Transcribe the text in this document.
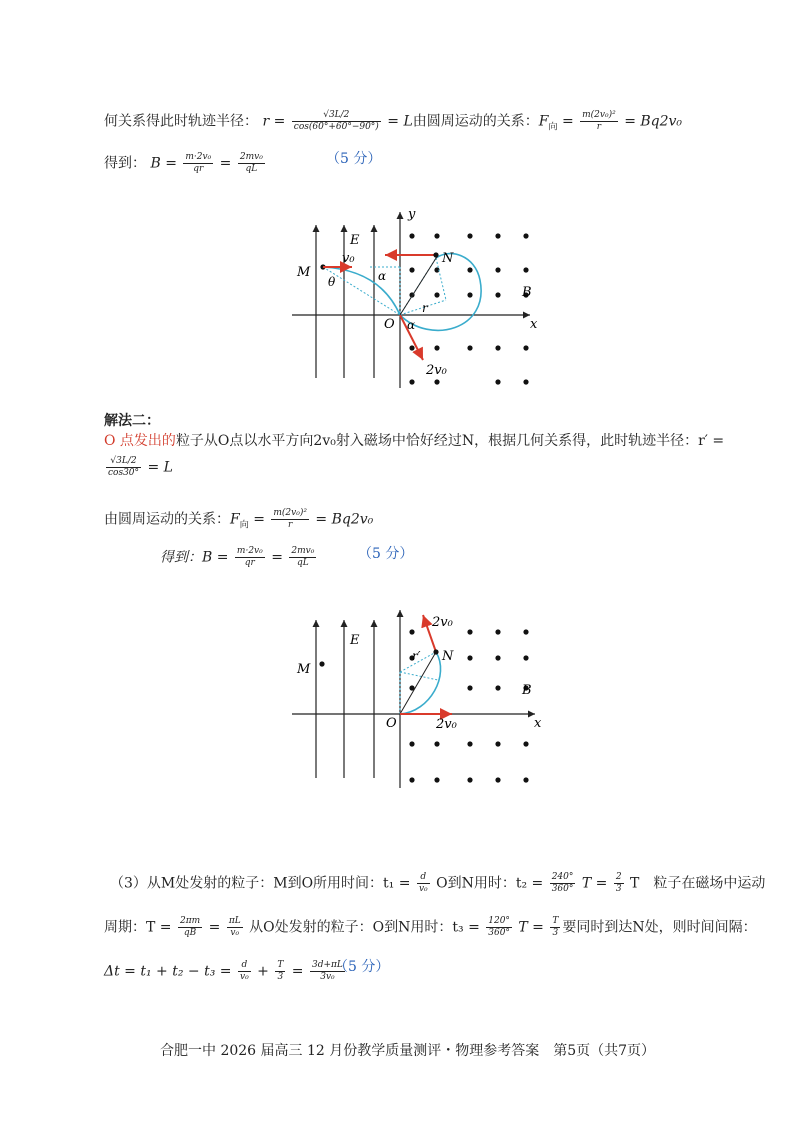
何关系得此时轨迹半径： $r = \frac{√3L/2}{\cos(60^\circ+60^\circ-90^\circ)} = L$由圆周运动的关系：$F_向 = \frac{\text{m(2v₀)²}}{r} = Bq2v_0$
得到： $B = \frac{\text{m·2v₀}}{qr} = \frac{\text{2mv₀}}{qL}$	（5 分）
y
E
M
v₀	N
α
θ
B
r
O α	x
2v₀
解法二：
O 点发出的粒子从O点以水平方向2v₀射入磁场中恰好经过N，根据几何关系得，此时轨迹半径：r′ =
$\frac{√3L/2}{\cos 30^\circ} = L$
由圆周运动的关系：$F_向 = \frac{\text{m(2v₀)²}}{r} = Bq2v_0$
得到：$B = \frac{\text{m·2v₀}}{qr} = \frac{\text{2mv₀}}{qL}$	（5 分）
2v₀
E
M
r′ N
B
O	2v₀	x
（3）从M处发射的粒子：M到O所用时间：$t_1 = \frac{d}{\text{v₀}}$ O到N用时：$t_2 = \frac{240^\circ}{360^\circ}$ $T = \frac{2}{3}$ T　粒子在磁场中运动
周期：$T = \frac{2\pi m}{qB} = \frac{\pi L}{\text{v₀}}$ 从O处发射的粒子：O到N用时：$t_3 = \frac{120^\circ}{360^\circ}$ $T = \frac{T}{3}$ 要同时到达N处，则时间间隔：
$\Delta t = t_1 + t_2 - t_3 = \frac{d}{\text{v₀}} + \frac{T}{3} = \frac{3d+\pi L}{\text{3v₀}}$
（5 分）
合肥一中 2026 届高三 12 月份教学质量测评・物理参考答案　第5页（共7页）
